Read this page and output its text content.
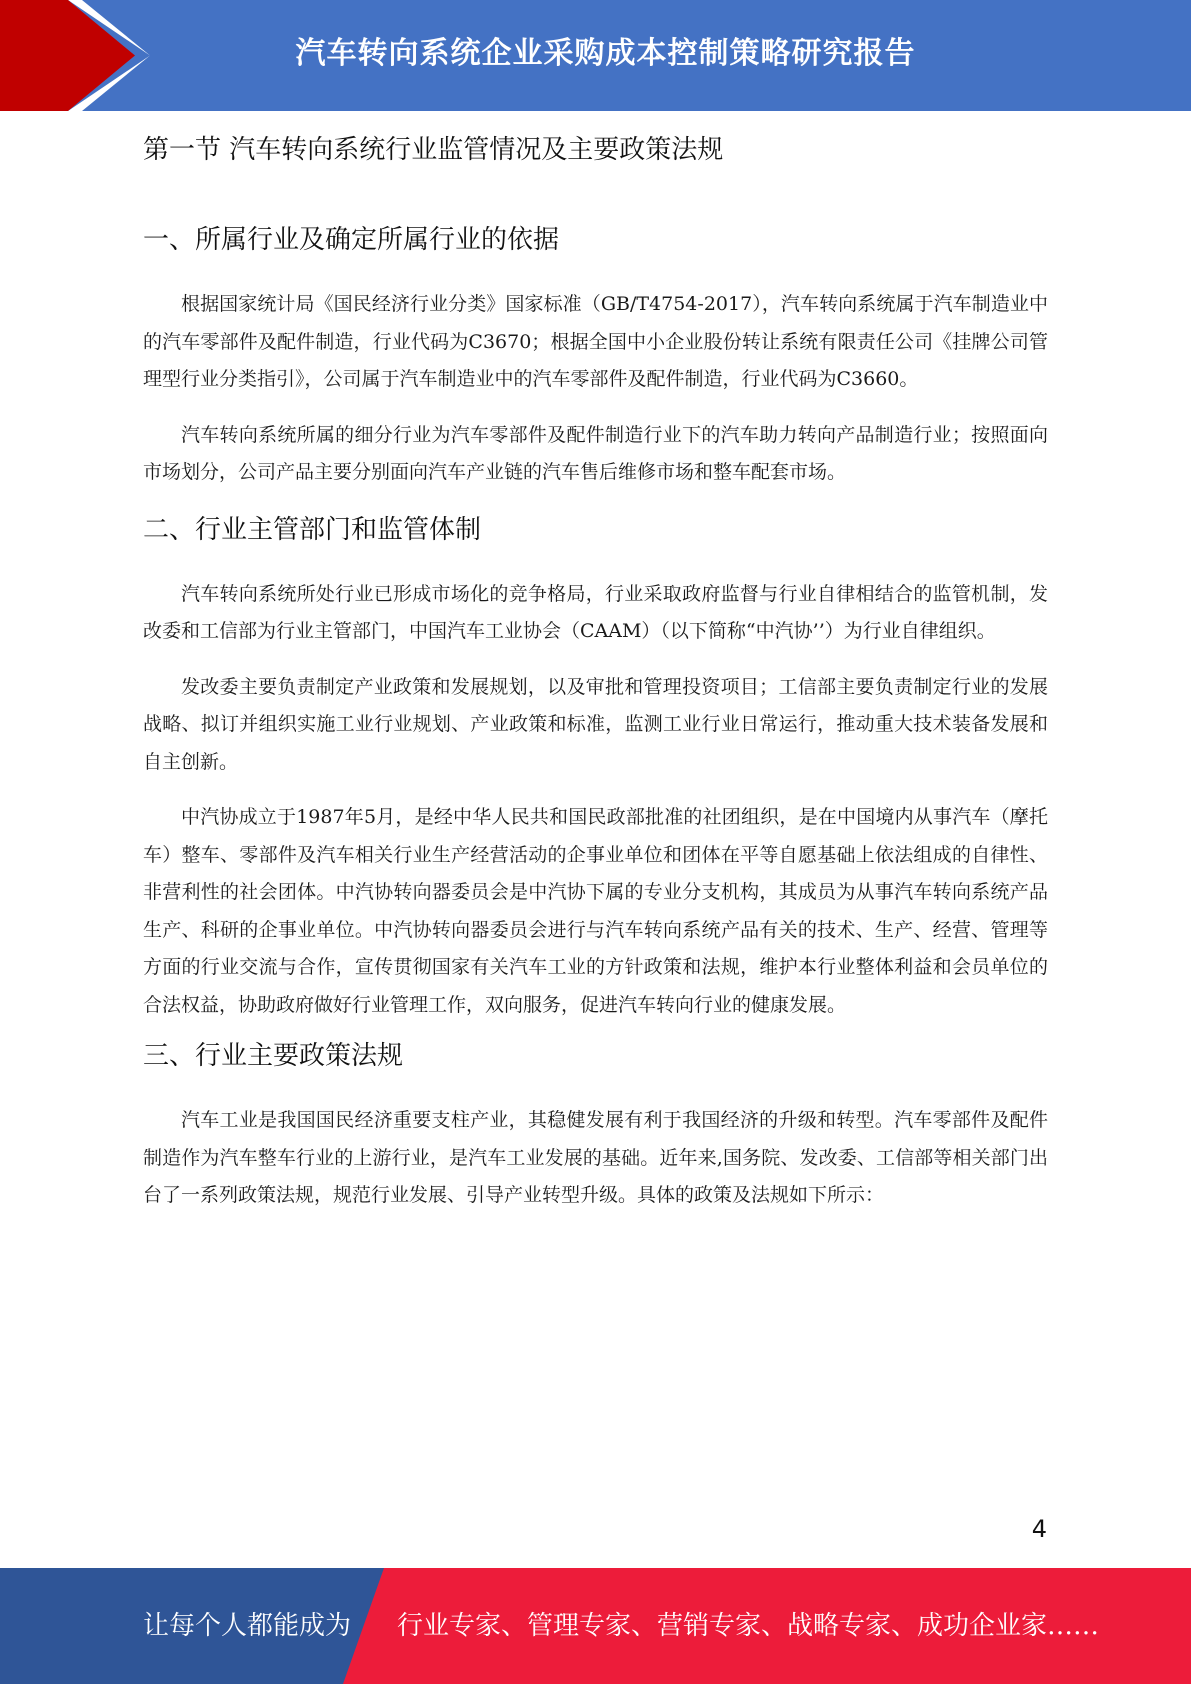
汽车转向系统企业采购成本控制策略研究报告
第一节 汽车转向系统行业监管情况及主要政策法规
一、所属行业及确定所属行业的依据

根据国家统计局《国民经济行业分类》国家标准（GB/T4754-2017），汽车转向系统属于汽车制造业中的汽车零部件及配件制造，行业代码为C3670；根据全国中小企业股份转让系统有限责任公司《挂牌公司管理型行业分类指引》，公司属于汽车制造业中的汽车零部件及配件制造，行业代码为C3660。

汽车转向系统所属的细分行业为汽车零部件及配件制造行业下的汽车助力转向产品制造行业；按照面向市场划分，公司产品主要分别面向汽车产业链的汽车售后维修市场和整车配套市场。

二、行业主管部门和监管体制

汽车转向系统所处行业已形成市场化的竞争格局，行业采取政府监督与行业自律相结合的监管机制，发改委和工信部为行业主管部门，中国汽车工业协会（CAAM）（以下简称“中汽协’’）为行业自律组织。

发改委主要负责制定产业政策和发展规划，以及审批和管理投资项目；工信部主要负责制定行业的发展战略、拟订并组织实施工业行业规划、产业政策和标准，监测工业行业日常运行，推动重大技术装备发展和自主创新。

中汽协成立于1987年5月，是经中华人民共和国民政部批准的社团组织，是在中国境内从事汽车（摩托车）整车、零部件及汽车相关行业生产经营活动的企事业单位和团体在平等自愿基础上依法组成的自律性、非营利性的社会团体。中汽协转向器委员会是中汽协下属的专业分支机构，其成员为从事汽车转向系统产品生产、科研的企事业单位。中汽协转向器委员会进行与汽车转向系统产品有关的技术、生产、经营、管理等方面的行业交流与合作，宣传贯彻国家有关汽车工业的方针政策和法规，维护本行业整体利益和会员单位的合法权益，协助政府做好行业管理工作，双向服务，促进汽车转向行业的健康发展。

三、行业主要政策法规

汽车工业是我国国民经济重要支柱产业，其稳健发展有利于我国经济的升级和转型。汽车零部件及配件制造作为汽车整车行业的上游行业，是汽车工业发展的基础。近年来,国务院、发改委、工信部等相关部门出台了一系列政策法规，规范行业发展、引导产业转型升级。具体的政策及法规如下所示：

4
让每个人都能成为 行业专家、管理专家、营销专家、战略专家、成功企业家……
